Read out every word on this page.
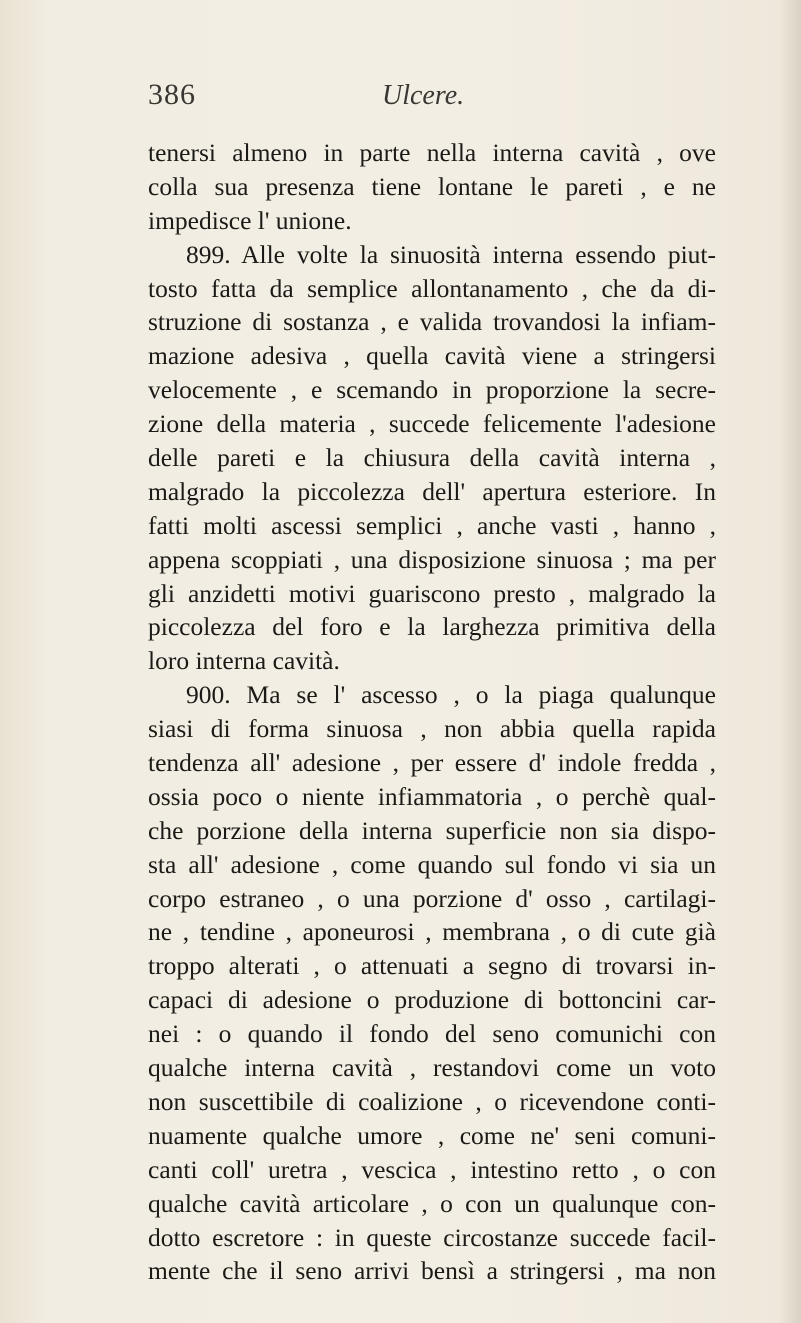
386	Ulcere.
tenersi almeno in parte nella interna cavità , ove
colla sua presenza tiene lontane le pareti , e ne
impedisce l' unione.
899. Alle volte la sinuosità interna essendo piut-
tosto fatta da semplice allontanamento , che da di-
struzione di sostanza , e valida trovandosi la infiam-
mazione adesiva , quella cavità viene a stringersi
velocemente , e scemando in proporzione la secre-
zione della materia , succede felicemente l'adesione
delle pareti e la chiusura della cavità interna ,
malgrado la piccolezza dell' apertura esteriore. In
fatti molti ascessi semplici , anche vasti , hanno ,
appena scoppiati , una disposizione sinuosa ; ma per
gli anzidetti motivi guariscono presto , malgrado la
piccolezza del foro e la larghezza primitiva della
loro interna cavità.
900. Ma se l' ascesso , o la piaga qualunque
siasi di forma sinuosa , non abbia quella rapida
tendenza all' adesione , per essere d' indole fredda ,
ossia poco o niente infiammatoria , o perchè qual-
che porzione della interna superficie non sia dispo-
sta all' adesione , come quando sul fondo vi sia un
corpo estraneo , o una porzione d' osso , cartilagi-
ne , tendine , aponeurosi , membrana , o di cute già
troppo alterati , o attenuati a segno di trovarsi in-
capaci di adesione o produzione di bottoncini car-
nei : o quando il fondo del seno comunichi con
qualche interna cavità , restandovi come un voto
non suscettibile di coalizione , o ricevendone conti-
nuamente qualche umore , come ne' seni comuni-
canti coll' uretra , vescica , intestino retto , o con
qualche cavità articolare , o con un qualunque con-
dotto escretore : in queste circostanze succede facil-
mente che il seno arrivi bensì a stringersi , ma non
